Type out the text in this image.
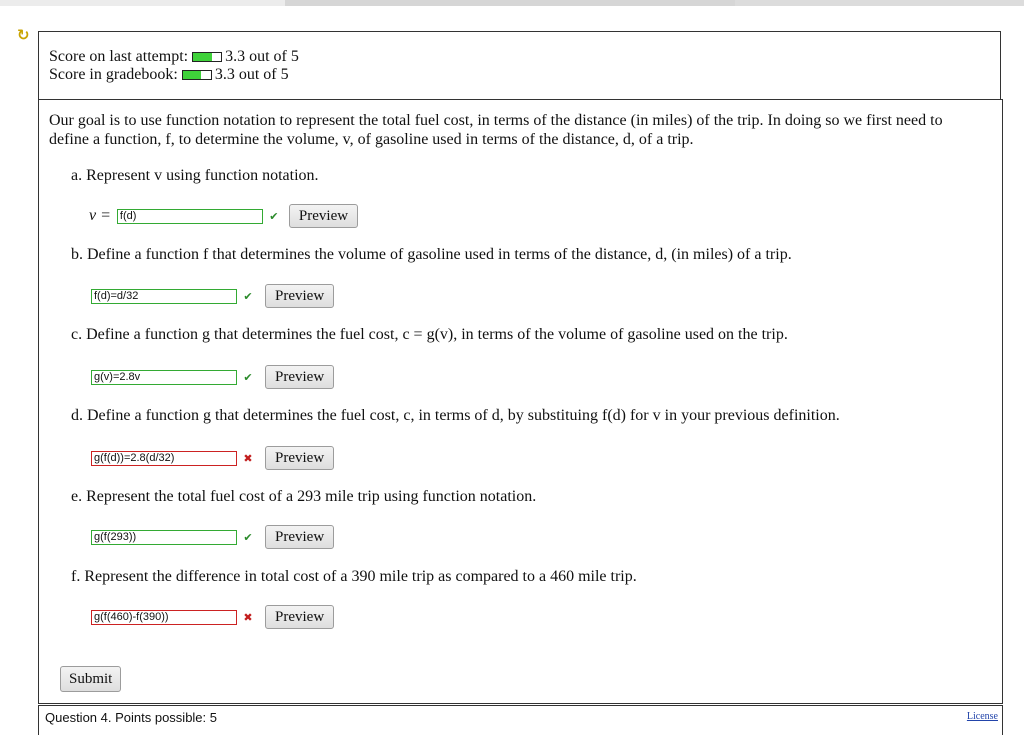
↻
Score on last attempt: 3.3 out of 5
Score in gradebook: 3.3 out of 5
Our goal is to use function notation to represent the total fuel cost, in terms of the distance (in miles) of the trip. In doing so we first need to define a function, f, to determine the volume, v, of gasoline used in terms of the distance, d, of a trip.
a. Represent v using function notation.
v =
f(d)	✔	Preview
b. Define a function f that determines the volume of gasoline used in terms of the distance, d, (in miles) of a trip.
f(d)=d/32
✔	Preview
c. Define a function g that determines the fuel cost, c = g(v), in terms of the volume of gasoline used on the trip.
g(v)=2.8v
✔	Preview
d. Define a function g that determines the fuel cost, c, in terms of d, by substituing f(d) for v in your previous definition.
g(f(d))=2.8(d/32)
✖	Preview
e. Represent the total fuel cost of a 293 mile trip using function notation.
g(f(293))
✔	Preview
f. Represent the difference in total cost of a 390 mile trip as compared to a 460 mile trip.
g(f(460)-f(390))
✖	Preview
Submit
Question 4. Points possible: 5	License
